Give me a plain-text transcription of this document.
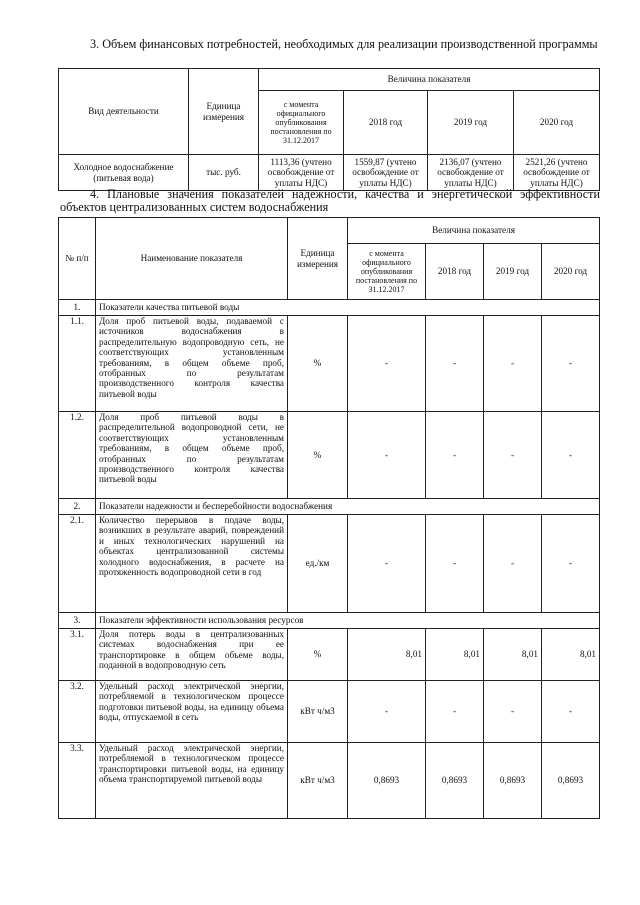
3. Объем финансовых потребностей, необходимых для реализации производственной программы
Вид деятельности	Единица измерения	Величина показателя			
		с момента официального опубликования постановления по 31.12.2017	2018 год	2019 год	2020 год
Холодное водоснабжение (питьевая вода)	тыс. руб.	1113,36 (учтено освобождение от уплаты НДС)	1559,87 (учтено освобождение от уплаты НДС)	2136,07 (учтено освобождение от уплаты НДС)	2521,26 (учтено освобождение от уплаты НДС)
4. Плановые значения показателей надежности, качества и энергетической эффективности объектов централизованных систем водоснабжения
№ п/п	Наименование показателя	Единица измерения	Величина показателя			
			с момента официального опубликования постановления по 31.12.2017	2018 год	2019 год	2020 год
1.	Показатели качества питьевой воды					
1.1.	Доля проб питьевой воды, подаваемой с источников водоснабжения в распределительную водопроводную сеть, не соответствующих установленным требованиям, в общем объеме проб, отобранных по результатам производственного контроля качества питьевой воды	%	-	-	-	-
1.2.	Доля проб питьевой воды в распределительной водопроводной сети, не соответствующих установленным требованиям, в общем объеме проб, отобранных по результатам производственного контроля качества питьевой воды	%	-	-	-	-
2.	Показатели надежности и бесперебойности водоснабжения					
2.1.	Количество перерывов в подаче воды, возникших в результате аварий, повреждений и иных технологических нарушений на объектах централизованной системы холодного водоснабжения, в расчете на протяженность водопроводной сети в год	ед./км	-	-	-	-
3.	Показатели эффективности использования ресурсов					
3.1.	Доля потерь воды в централизованных системах водоснабжения при ее транспортировке в общем объеме воды, поданной в водопроводную сеть	%	8,01	8,01	8,01	8,01
3.2.	Удельный расход электрической энергии, потребляемой в технологическом процессе подготовки питьевой воды, на единицу объема воды, отпускаемой в сеть	кВт ч/м3	-	-	-	-
3.3.	Удельный расход электрической энергии, потребляемой в технологическом процессе транспортировки питьевой воды, на единицу объема транспортируемой питьевой воды	кВт ч/м3	0,8693	0,8693	0,8693	0,8693
